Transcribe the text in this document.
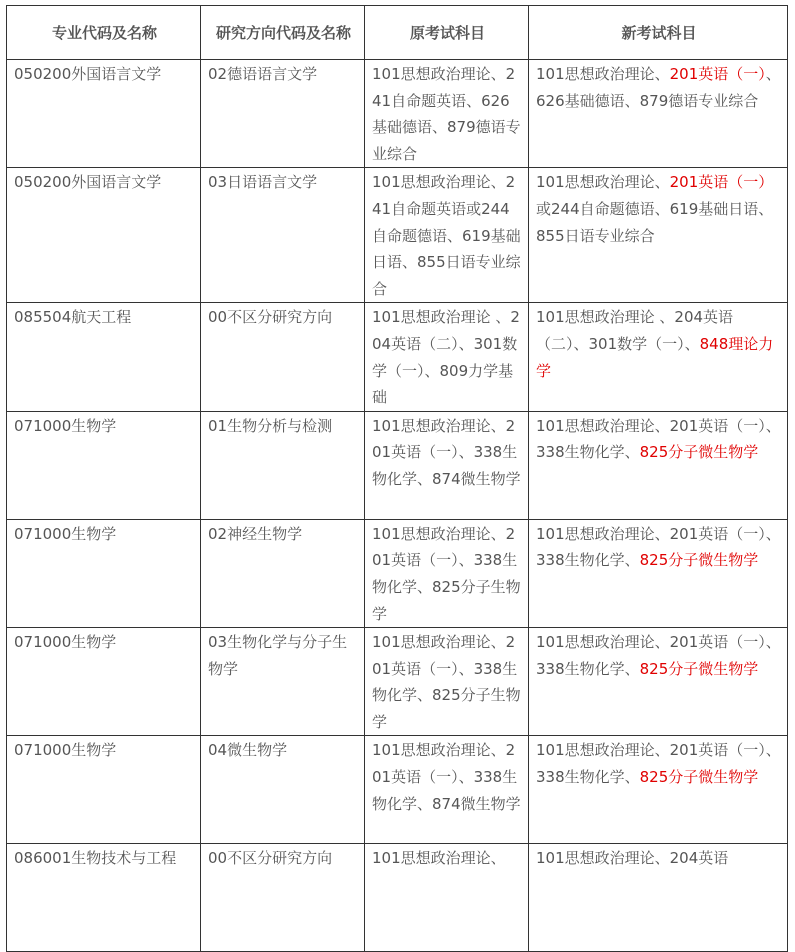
专业代码及名称	研究方向代码及名称	原考试科目	新考试科目
050200外国语言文学	02德语语言文学	101思想政治理论、241自命题英语、626基础德语、879德语专业综合	101思想政治理论、201英语（一）、626基础德语、879德语专业综合
050200外国语言文学	03日语语言文学	101思想政治理论、241自命题英语或244自命题德语、619基础日语、855日语专业综合	101思想政治理论、201英语（一）或244自命题德语、619基础日语、855日语专业综合
085504航天工程	00不区分研究方向	101思想政治理论 、204英语（二）、301数学（一）、809力学基础	101思想政治理论 、204英语（二）、301数学（一）、848理论力学
071000生物学	01生物分析与检测	101思想政治理论、201英语（一）、338生物化学、874微生物学	101思想政治理论、201英语（一）、338生物化学、825分子微生物学
071000生物学	02神经生物学	101思想政治理论、201英语（一）、338生物化学、825分子生物学	101思想政治理论、201英语（一）、338生物化学、825分子微生物学
071000生物学	03生物化学与分子生物学	101思想政治理论、201英语（一）、338生物化学、825分子生物学	101思想政治理论、201英语（一）、338生物化学、825分子微生物学
071000生物学	04微生物学	101思想政治理论、201英语（一）、338生物化学、874微生物学	101思想政治理论、201英语（一）、338生物化学、825分子微生物学
086001生物技术与工程	00不区分研究方向	101思想政治理论、	101思想政治理论、204英语
